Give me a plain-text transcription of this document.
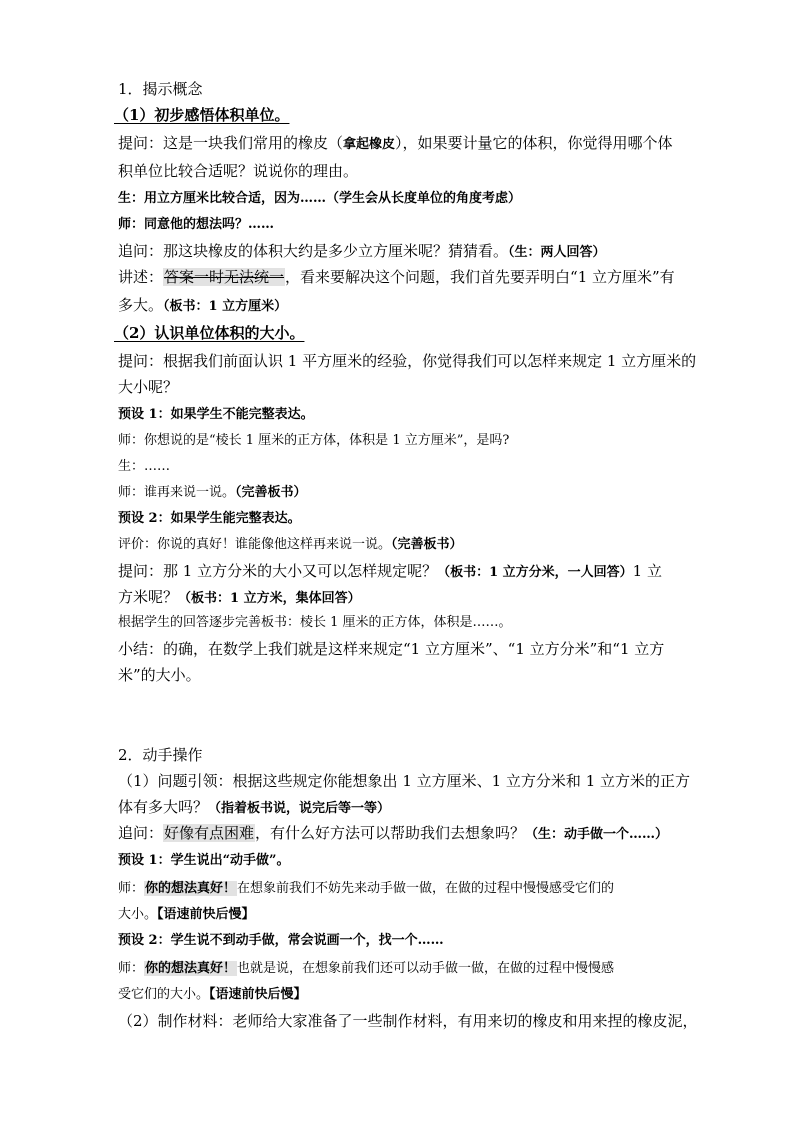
1．揭示概念
（1）初步感悟体积单位。
提问：这是一块我们常用的橡皮（拿起橡皮），如果要计量它的体积，你觉得用哪个体
积单位比较合适呢？说说你的理由。
生：用立方厘米比较合适，因为……（学生会从长度单位的角度考虑）
师：同意他的想法吗？……
追问：那这块橡皮的体积大约是多少立方厘米呢？猜猜看。（生：两人回答）
讲述：答案一时无法统一，看来要解决这个问题，我们首先要弄明白“1 立方厘米”有
多大。（板书：1 立方厘米）
（2）认识单位体积的大小。
提问：根据我们前面认识 1 平方厘米的经验，你觉得我们可以怎样来规定 1 立方厘米的
大小呢？
预设 1：如果学生不能完整表达。
师：你想说的是“棱长 1 厘米的正方体，体积是 1 立方厘米”，是吗?
生：……
师：谁再来说一说。（完善板书）
预设 2：如果学生能完整表达。
评价：你说的真好！谁能像他这样再来说一说。（完善板书）
提问：那 1 立方分米的大小又可以怎样规定呢？（板书：1 立方分米，一人回答）1 立
方米呢？（板书：1 立方米，集体回答）
根据学生的回答逐步完善板书：棱长 1 厘米的正方体，体积是……。
小结：的确，在数学上我们就是这样来规定“1 立方厘米”、“1 立方分米”和“1 立方
米”的大小。
2．动手操作
（1）问题引领：根据这些规定你能想象出 1 立方厘米、1 立方分米和 1 立方米的正方
体有多大吗？（指着板书说，说完后等一等）
追问：好像有点困难，有什么好方法可以帮助我们去想象吗？（生：动手做一个……）
预设 1：学生说出“动手做”。
师：你的想法真好！在想象前我们不妨先来动手做一做，在做的过程中慢慢感受它们的
大小。【语速前快后慢】
预设 2：学生说不到动手做，常会说画一个，找一个……
师：你的想法真好！也就是说，在想象前我们还可以动手做一做，在做的过程中慢慢感
受它们的大小。【语速前快后慢】
（2）制作材料：老师给大家准备了一些制作材料，有用来切的橡皮和用来捏的橡皮泥，
